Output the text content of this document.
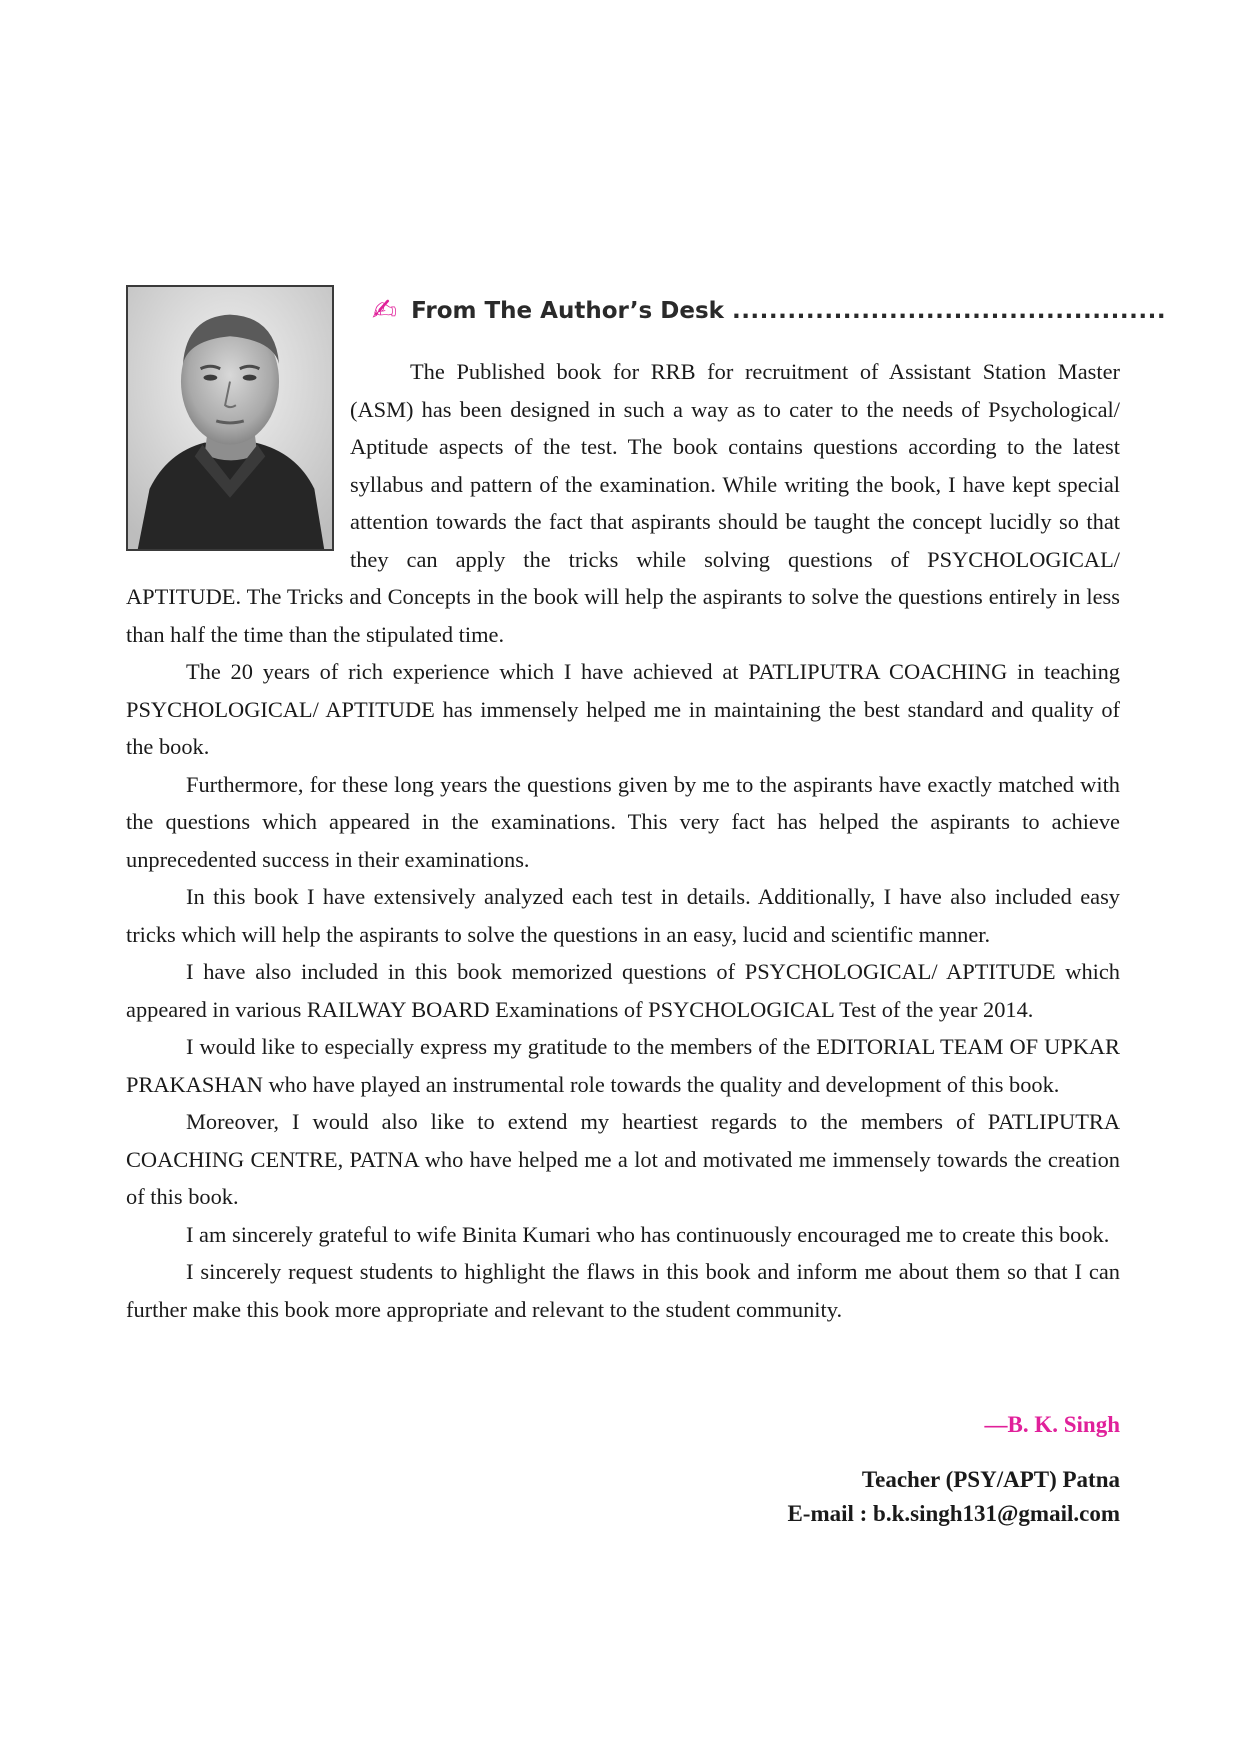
✍ From The Author’s Desk ...............................................

The Published book for RRB for recruitment of Assistant Station Master (ASM) has been designed in such a way as to cater to the needs of Psychological/ Aptitude aspects of the test. The book contains questions according to the latest syllabus and pattern of the examination. While writing the book, I have kept special attention towards the fact that aspirants should be taught the concept lucidly so that they can apply the tricks while solving questions of PSYCHOLOGICAL/ APTITUDE. The Tricks and Concepts in the book will help the aspirants to solve the questions entirely in less than half the time than the stipulated time.

The 20 years of rich experience which I have achieved at PATLIPUTRA COACHING in teaching PSYCHOLOGICAL/ APTITUDE has immensely helped me in maintaining the best standard and quality of the book.

Furthermore, for these long years the questions given by me to the aspirants have exactly matched with the questions which appeared in the examinations. This very fact has helped the aspirants to achieve unprecedented success in their examinations.

In this book I have extensively analyzed each test in details. Additionally, I have also included easy tricks which will help the aspirants to solve the questions in an easy, lucid and scientific manner.

I have also included in this book memorized questions of PSYCHOLOGICAL/ APTITUDE which appeared in various RAILWAY BOARD Examinations of PSYCHOLOGICAL Test of the year 2014.

I would like to especially express my gratitude to the members of the EDITORIAL TEAM OF UPKAR PRAKASHAN who have played an instrumental role towards the quality and development of this book.

Moreover, I would also like to extend my heartiest regards to the members of PATLIPUTRA COACHING CENTRE, PATNA who have helped me a lot and motivated me immensely towards the creation of this book.

I am sincerely grateful to wife Binita Kumari who has continuously encouraged me to create this book.

I sincerely request students to highlight the flaws in this book and inform me about them so that I can further make this book more appropriate and relevant to the student community.

—B. K. Singh
Teacher (PSY/APT) Patna
E-mail : b.k.singh131@gmail.com
